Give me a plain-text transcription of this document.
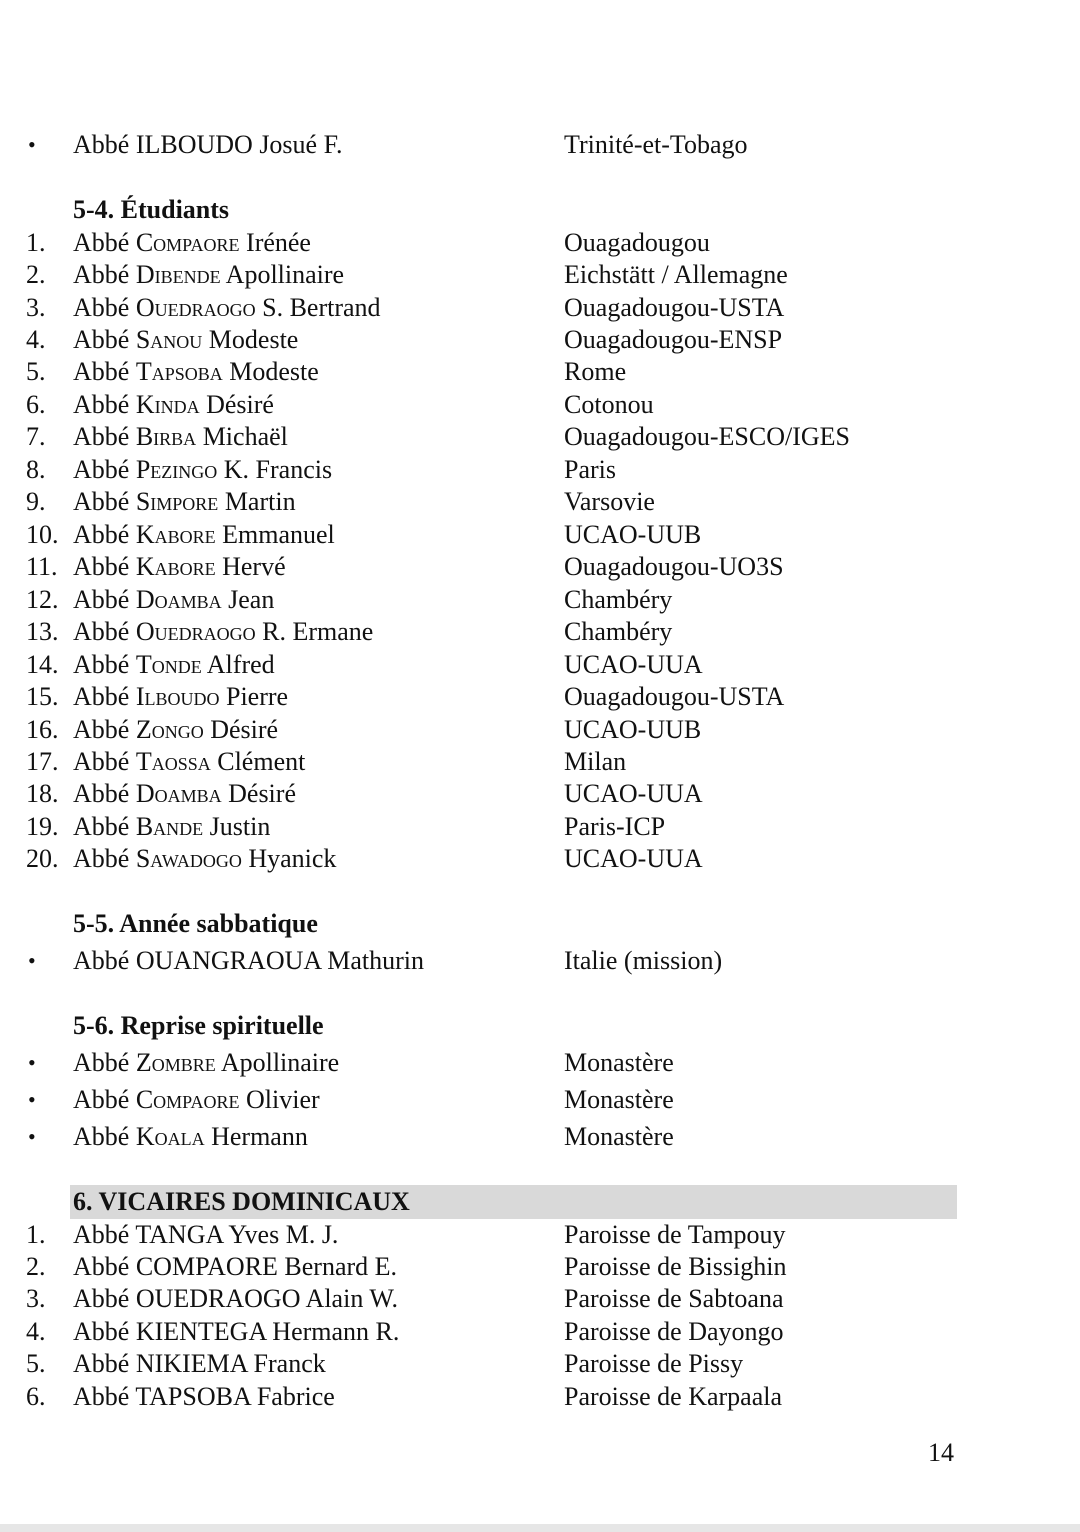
• Abbé ILBOUDO Josué F.	Trinité-et-Tobago
5-4. Étudiants
1. Abbé Compaore Irénée	Ouagadougou
2. Abbé Dibende Apollinaire	Eichstätt / Allemagne
3. Abbé Ouedraogo S. Bertrand	Ouagadougou-USTA
4. Abbé Sanou Modeste	Ouagadougou-ENSP
5. Abbé Tapsoba Modeste	Rome
6. Abbé Kinda Désiré	Cotonou
7. Abbé Birba Michaël	Ouagadougou-ESCO/IGES
8. Abbé Pezingo K. Francis	Paris
9. Abbé Simpore Martin	Varsovie
10. Abbé Kabore Emmanuel	UCAO-UUB
11. Abbé Kabore Hervé	Ouagadougou-UO3S
12. Abbé Doamba Jean	Chambéry
13. Abbé Ouedraogo R. Ermane	Chambéry
14. Abbé Tonde Alfred	UCAO-UUA
15. Abbé Ilboudo Pierre	Ouagadougou-USTA
16. Abbé Zongo Désiré	UCAO-UUB
17. Abbé Taossa Clément	Milan
18. Abbé Doamba Désiré	UCAO-UUA
19. Abbé Bande Justin	Paris-ICP
20. Abbé Sawadogo Hyanick	UCAO-UUA
5-5. Année sabbatique
• Abbé OUANGRAOUA Mathurin	Italie (mission)
5-6. Reprise spirituelle
• Abbé Zombre Apollinaire	Monastère
• Abbé Compaore Olivier	Monastère
• Abbé Koala Hermann	Monastère
6. VICAIRES DOMINICAUX
1. Abbé TANGA Yves M. J.	Paroisse de Tampouy
2. Abbé COMPAORE Bernard E.	Paroisse de Bissighin
3. Abbé OUEDRAOGO Alain W.	Paroisse de Sabtoana
4. Abbé KIENTEGA Hermann R.	Paroisse de Dayongo
5. Abbé NIKIEMA Franck	Paroisse de Pissy
6. Abbé TAPSOBA Fabrice	Paroisse de Karpaala
14
